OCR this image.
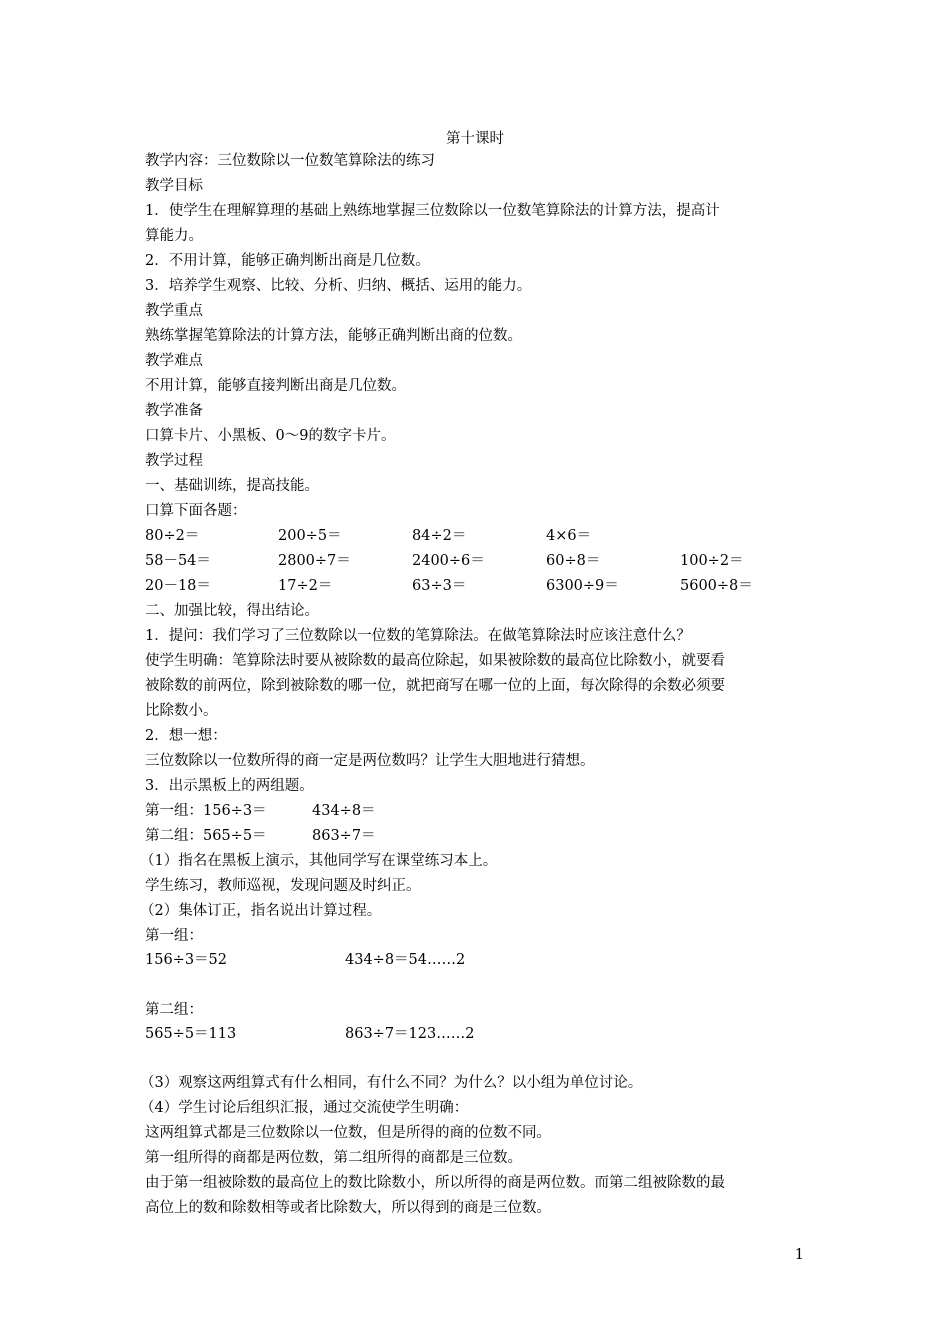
第十课时
教学内容：三位数除以一位数笔算除法的练习
教学目标
1．使学生在理解算理的基础上熟练地掌握三位数除以一位数笔算除法的计算方法，提高计
算能力。
2．不用计算，能够正确判断出商是几位数。
3．培养学生观察、比较、分析、归纳、概括、运用的能力。
教学重点
熟练掌握笔算除法的计算方法，能够正确判断出商的位数。
教学难点
不用计算，能够直接判断出商是几位数。
教学准备
口算卡片、小黑板、0～9的数字卡片。
教学过程
一、基础训练，提高技能。
口算下面各题：
80÷2＝	200÷5＝	84÷2＝	4×6＝
58－54＝	2800÷7＝	2400÷6＝	60÷8＝	100÷2＝
20－18＝	17÷2＝	63÷3＝	6300÷9＝	5600÷8＝
二、加强比较，得出结论。
1．提问：我们学习了三位数除以一位数的笔算除法。在做笔算除法时应该注意什么？
使学生明确：笔算除法时要从被除数的最高位除起，如果被除数的最高位比除数小，就要看
被除数的前两位，除到被除数的哪一位，就把商写在哪一位的上面，每次除得的余数必须要
比除数小。
2．想一想：
三位数除以一位数所得的商一定是两位数吗？让学生大胆地进行猜想。
3．出示黑板上的两组题。
第一组：156÷3＝	434÷8＝
第二组：565÷5＝	863÷7＝
（1）指名在黑板上演示，其他同学写在课堂练习本上。
学生练习，教师巡视，发现问题及时纠正。
（2）集体订正，指名说出计算过程。
第一组：
156÷3＝52	434÷8＝54……2
第二组：
565÷5＝113	863÷7＝123……2
（3）观察这两组算式有什么相同，有什么不同？为什么？以小组为单位讨论。
（4）学生讨论后组织汇报，通过交流使学生明确：
这两组算式都是三位数除以一位数，但是所得的商的位数不同。
第一组所得的商都是两位数，第二组所得的商都是三位数。
由于第一组被除数的最高位上的数比除数小，所以所得的商是两位数。而第二组被除数的最
高位上的数和除数相等或者比除数大，所以得到的商是三位数。
1
